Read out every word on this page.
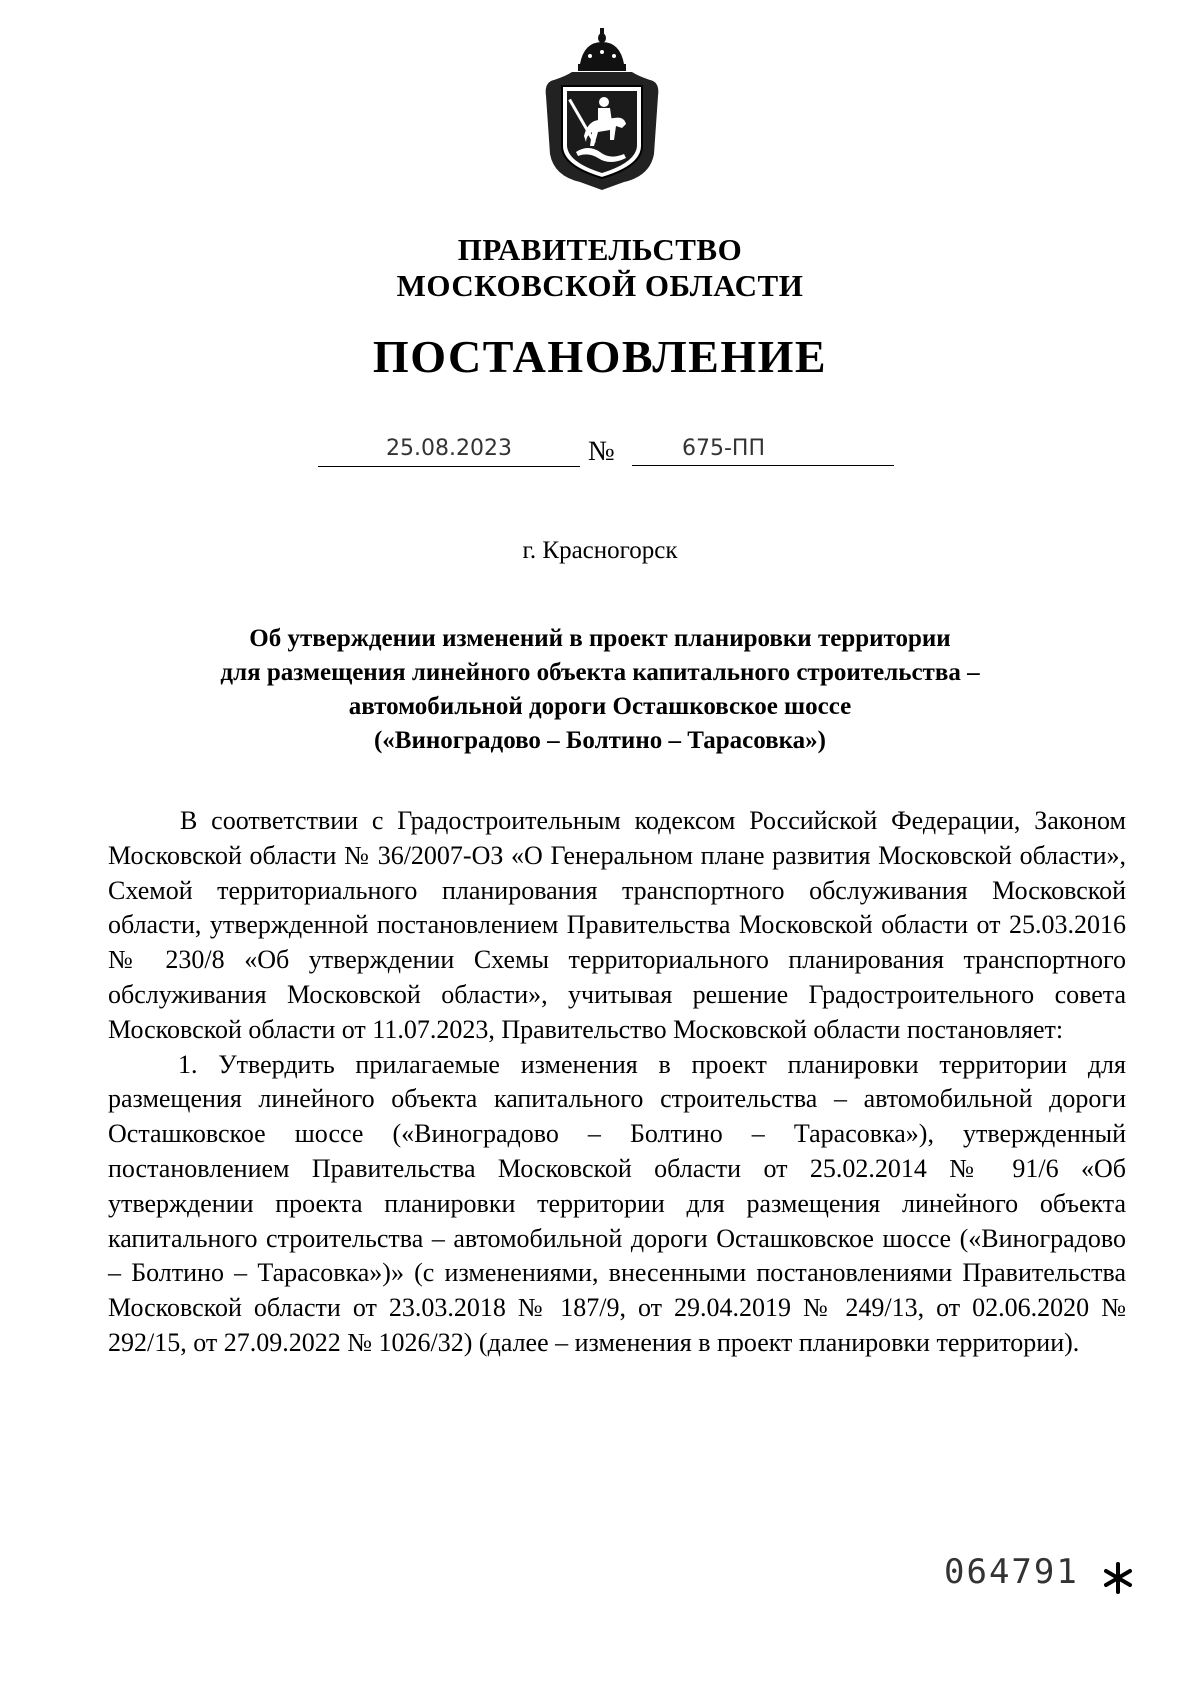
ПРАВИТЕЛЬСТВО
МОСКОВСКОЙ ОБЛАСТИ
ПОСТАНОВЛЕНИЕ
25.08.2023	№	675-ПП
г. Красногорск
Об утверждении изменений в проект планировки территории
для размещения линейного объекта капитального строительства –
автомобильной дороги Осташковское шоссе
(«Виноградово – Болтино – Тарасовка»)

В соответствии с Градостроительным кодексом Российской Федерации, Законом Московской области № 36/2007-ОЗ «О Генеральном плане развития Московской области», Схемой территориального планирования транспортного обслуживания Московской области, утвержденной постановлением Правительства Московской области от 25.03.2016 № 230/8 «Об утверждении Схемы территориального планирования транспортного обслуживания Московской области», учитывая решение Градостроительного совета Московской области от 11.07.2023, Правительство Московской области постановляет:

1. Утвердить прилагаемые изменения в проект планировки территории для размещения линейного объекта капитального строительства – автомобильной дороги Осташковское шоссе («Виноградово – Болтино – Тарасовка»), утвержденный постановлением Правительства Московской области от 25.02.2014 № 91/6 «Об утверждении проекта планировки территории для размещения линейного объекта капитального строительства – автомобильной дороги Осташковское шоссе («Виноградово – Болтино – Тарасовка»)» (с изменениями, внесенными постановлениями Правительства Московской области от 23.03.2018 № 187/9, от 29.04.2019 № 249/13, от 02.06.2020 № 292/15, от 27.09.2022 № 1026/32) (далее – изменения в проект планировки территории).

064791
